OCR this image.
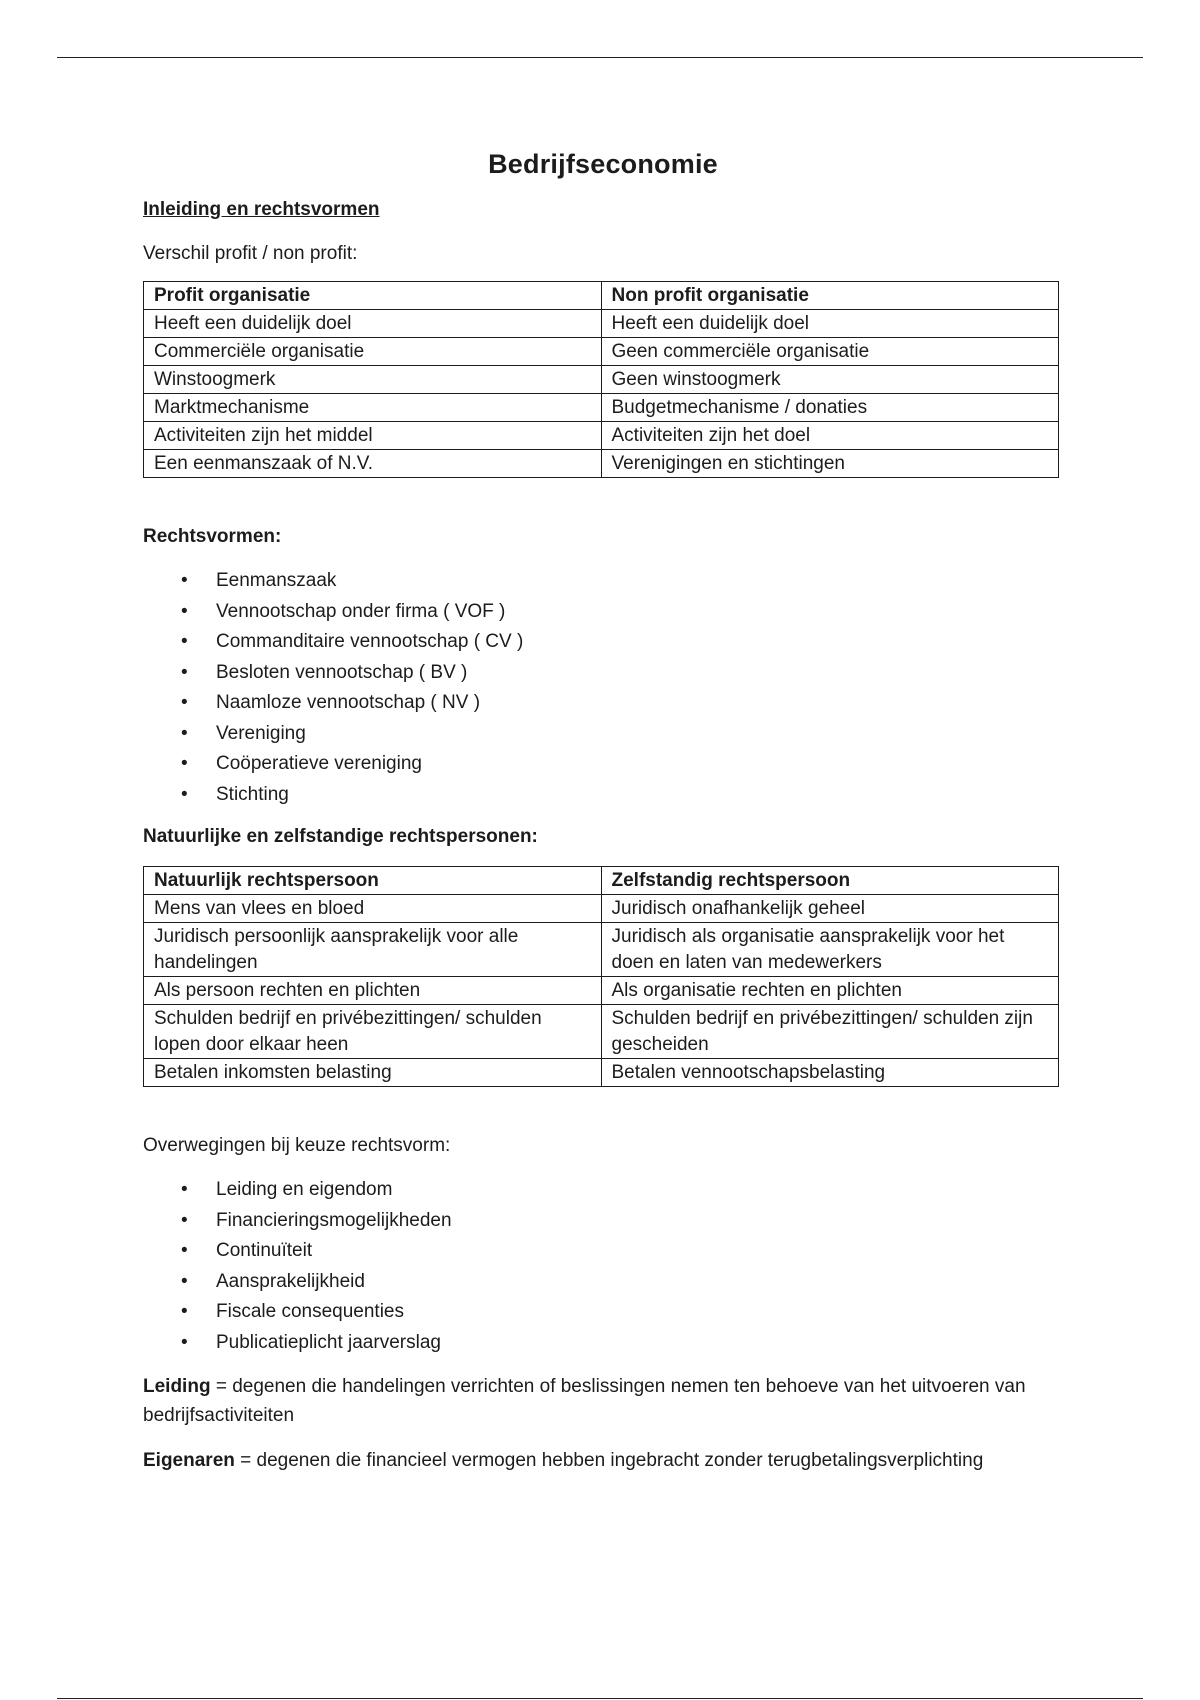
Bedrijfseconomie

Inleiding en rechtsvormen

Verschil profit / non profit:

Profit organisatie	Non profit organisatie
Heeft een duidelijk doel	Heeft een duidelijk doel
Commerciële organisatie	Geen commerciële organisatie
Winstoogmerk	Geen winstoogmerk
Marktmechanisme	Budgetmechanisme / donaties
Activiteiten zijn het middel	Activiteiten zijn het doel
Een eenmanszaak of N.V.	Verenigingen en stichtingen

Rechtsvormen:

• Eenmanszaak
• Vennootschap onder firma ( VOF )
• Commanditaire vennootschap ( CV )
• Besloten vennootschap ( BV )
• Naamloze vennootschap ( NV )
• Vereniging
• Coöperatieve vereniging
• Stichting

Natuurlijke en zelfstandige rechtspersonen:

Natuurlijk rechtspersoon	Zelfstandig rechtspersoon
Mens van vlees en bloed	Juridisch onafhankelijk geheel
Juridisch persoonlijk aansprakelijk voor alle handelingen	Juridisch als organisatie aansprakelijk voor het doen en laten van medewerkers
Als persoon rechten en plichten	Als organisatie rechten en plichten
Schulden bedrijf en privébezittingen/ schulden lopen door elkaar heen	Schulden bedrijf en privébezittingen/ schulden zijn gescheiden
Betalen inkomsten belasting	Betalen vennootschapsbelasting

Overwegingen bij keuze rechtsvorm:

• Leiding en eigendom
• Financieringsmogelijkheden
• Continuïteit
• Aansprakelijkheid
• Fiscale consequenties
• Publicatieplicht jaarverslag

Leiding = degenen die handelingen verrichten of beslissingen nemen ten behoeve van het uitvoeren van bedrijfsactiviteiten

Eigenaren = degenen die financieel vermogen hebben ingebracht zonder terugbetalingsverplichting
